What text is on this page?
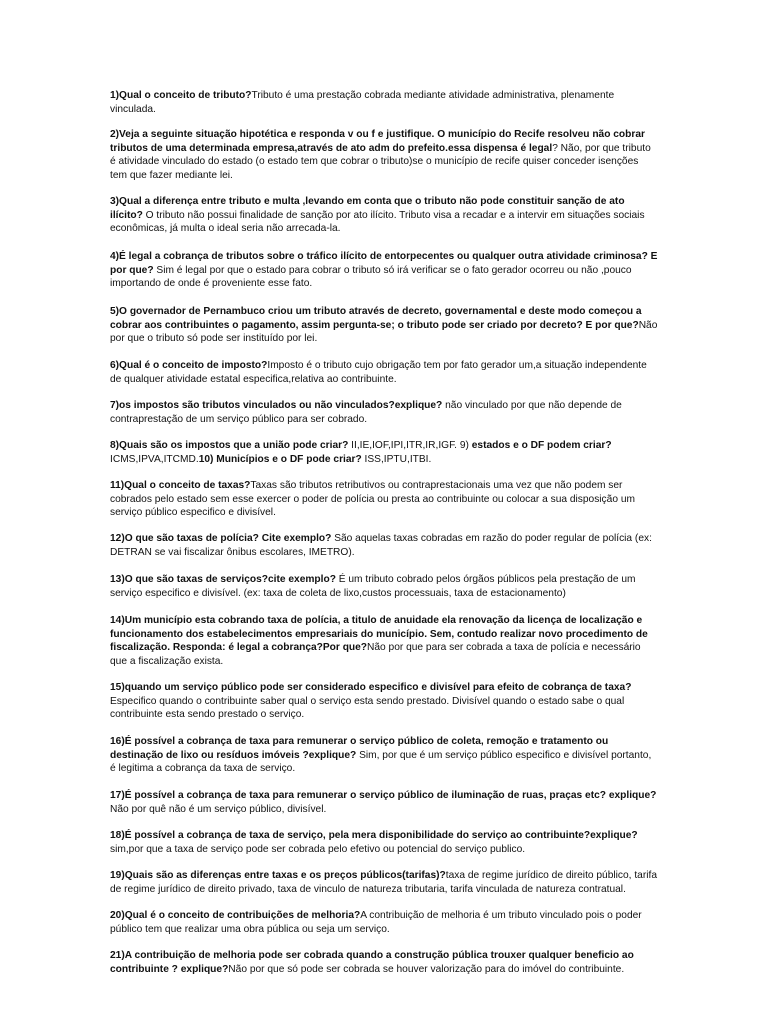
1)Qual o conceito de tributo?Tributo é uma prestação cobrada mediante atividade administrativa, plenamente vinculada.

2)Veja a seguinte situação hipotética e responda v ou f e justifique. O município do Recife resolveu não cobrar tributos de uma determinada empresa,através de ato adm do prefeito.essa dispensa é legal? Não, por que tributo é atividade vinculado do estado (o estado tem que cobrar o tributo)se o município de recife quiser conceder isenções tem que fazer mediante lei.

3)Qual a diferença entre tributo e multa ,levando em conta que o tributo não pode constituir sanção de ato ilícito? O tributo não possui finalidade de sanção por ato ilícito. Tributo visa a recadar e a intervir em situações sociais econômicas, já multa o ideal seria não arrecada-la.

4)É legal a cobrança de tributos sobre o tráfico ilícito de entorpecentes ou qualquer outra atividade criminosa? E por que? Sim é legal por que o estado para cobrar o tributo só irá verificar se o fato gerador ocorreu ou não ,pouco importando de onde é proveniente esse fato.

5)O governador de Pernambuco criou um tributo através de decreto, governamental e deste modo começou a cobrar aos contribuintes o pagamento, assim pergunta-se; o tributo pode ser criado por decreto? E por que?Não por que o tributo só pode ser instituído por lei.

6)Qual é o conceito de imposto?Imposto é o tributo cujo obrigação tem por fato gerador um,a situação independente de qualquer atividade estatal especifica,relativa ao contribuinte.

7)os impostos são tributos vinculados ou não vinculados?explique? não vinculado por que não depende de contraprestação de um serviço público para ser cobrado.

8)Quais são os impostos que a união pode criar? II,IE,IOF,IPI,ITR,IR,IGF. 9) estados e o DF podem criar? ICMS,IPVA,ITCMD.10) Municípios e o DF pode criar? ISS,IPTU,ITBI.

11)Qual o conceito de taxas?Taxas são tributos retributivos ou contraprestacionais uma vez que não podem ser cobrados pelo estado sem esse exercer o poder de polícia ou presta ao contribuinte ou colocar a sua disposição um serviço público especifico e divisível.

12)O que são taxas de polícia? Cite exemplo? São aquelas taxas cobradas em razão do poder regular de polícia (ex: DETRAN se vai fiscalizar ônibus escolares, IMETRO).

13)O que são taxas de serviços?cite exemplo? É um tributo cobrado pelos órgãos públicos pela prestação de um serviço especifico e divisível. (ex: taxa de coleta de lixo,custos processuais, taxa de estacionamento)

14)Um município esta cobrando taxa de polícia, a titulo de anuidade ela renovação da licença de localização e funcionamento dos estabelecimentos empresariais do município. Sem, contudo realizar novo procedimento de fiscalização. Responda: é legal a cobrança?Por que?Não por que para ser cobrada a taxa de polícia e necessário que a fiscalização exista.

15)quando um serviço público pode ser considerado especifico e divisível para efeito de cobrança de taxa? Especifico quando o contribuinte saber qual o serviço esta sendo prestado. Divisível quando o estado sabe o qual contribuinte esta sendo prestado o serviço.

16)É possível a cobrança de taxa para remunerar o serviço público de coleta, remoção e tratamento ou destinação de lixo ou resíduos imóveis ?explique? Sim, por que é um serviço público especifico e divisível portanto, é legitima a cobrança da taxa de serviço.

17)É possível a cobrança de taxa para remunerar o serviço público de iluminação de ruas, praças etc? explique? Não por quê não é um serviço público, divisível.

18)É possível a cobrança de taxa de serviço, pela mera disponibilidade do serviço ao contribuinte?explique?sim,por que a taxa de serviço pode ser cobrada pelo efetivo ou potencial do serviço publico.

19)Quais são as diferenças entre taxas e os preços públicos(tarifas)?taxa de regime jurídico de direito público, tarifa de regime jurídico de direito privado, taxa de vinculo de natureza tributaria, tarifa vinculada de natureza contratual.

20)Qual é o conceito de contribuições de melhoria?A contribuição de melhoria é um tributo vinculado pois o poder público tem que realizar uma obra pública ou seja um serviço.

21)A contribuição de melhoria pode ser cobrada quando a construção pública trouxer qualquer beneficio ao contribuinte ? explique?Não por que só pode ser cobrada se houver valorização para do imóvel do contribuinte.
